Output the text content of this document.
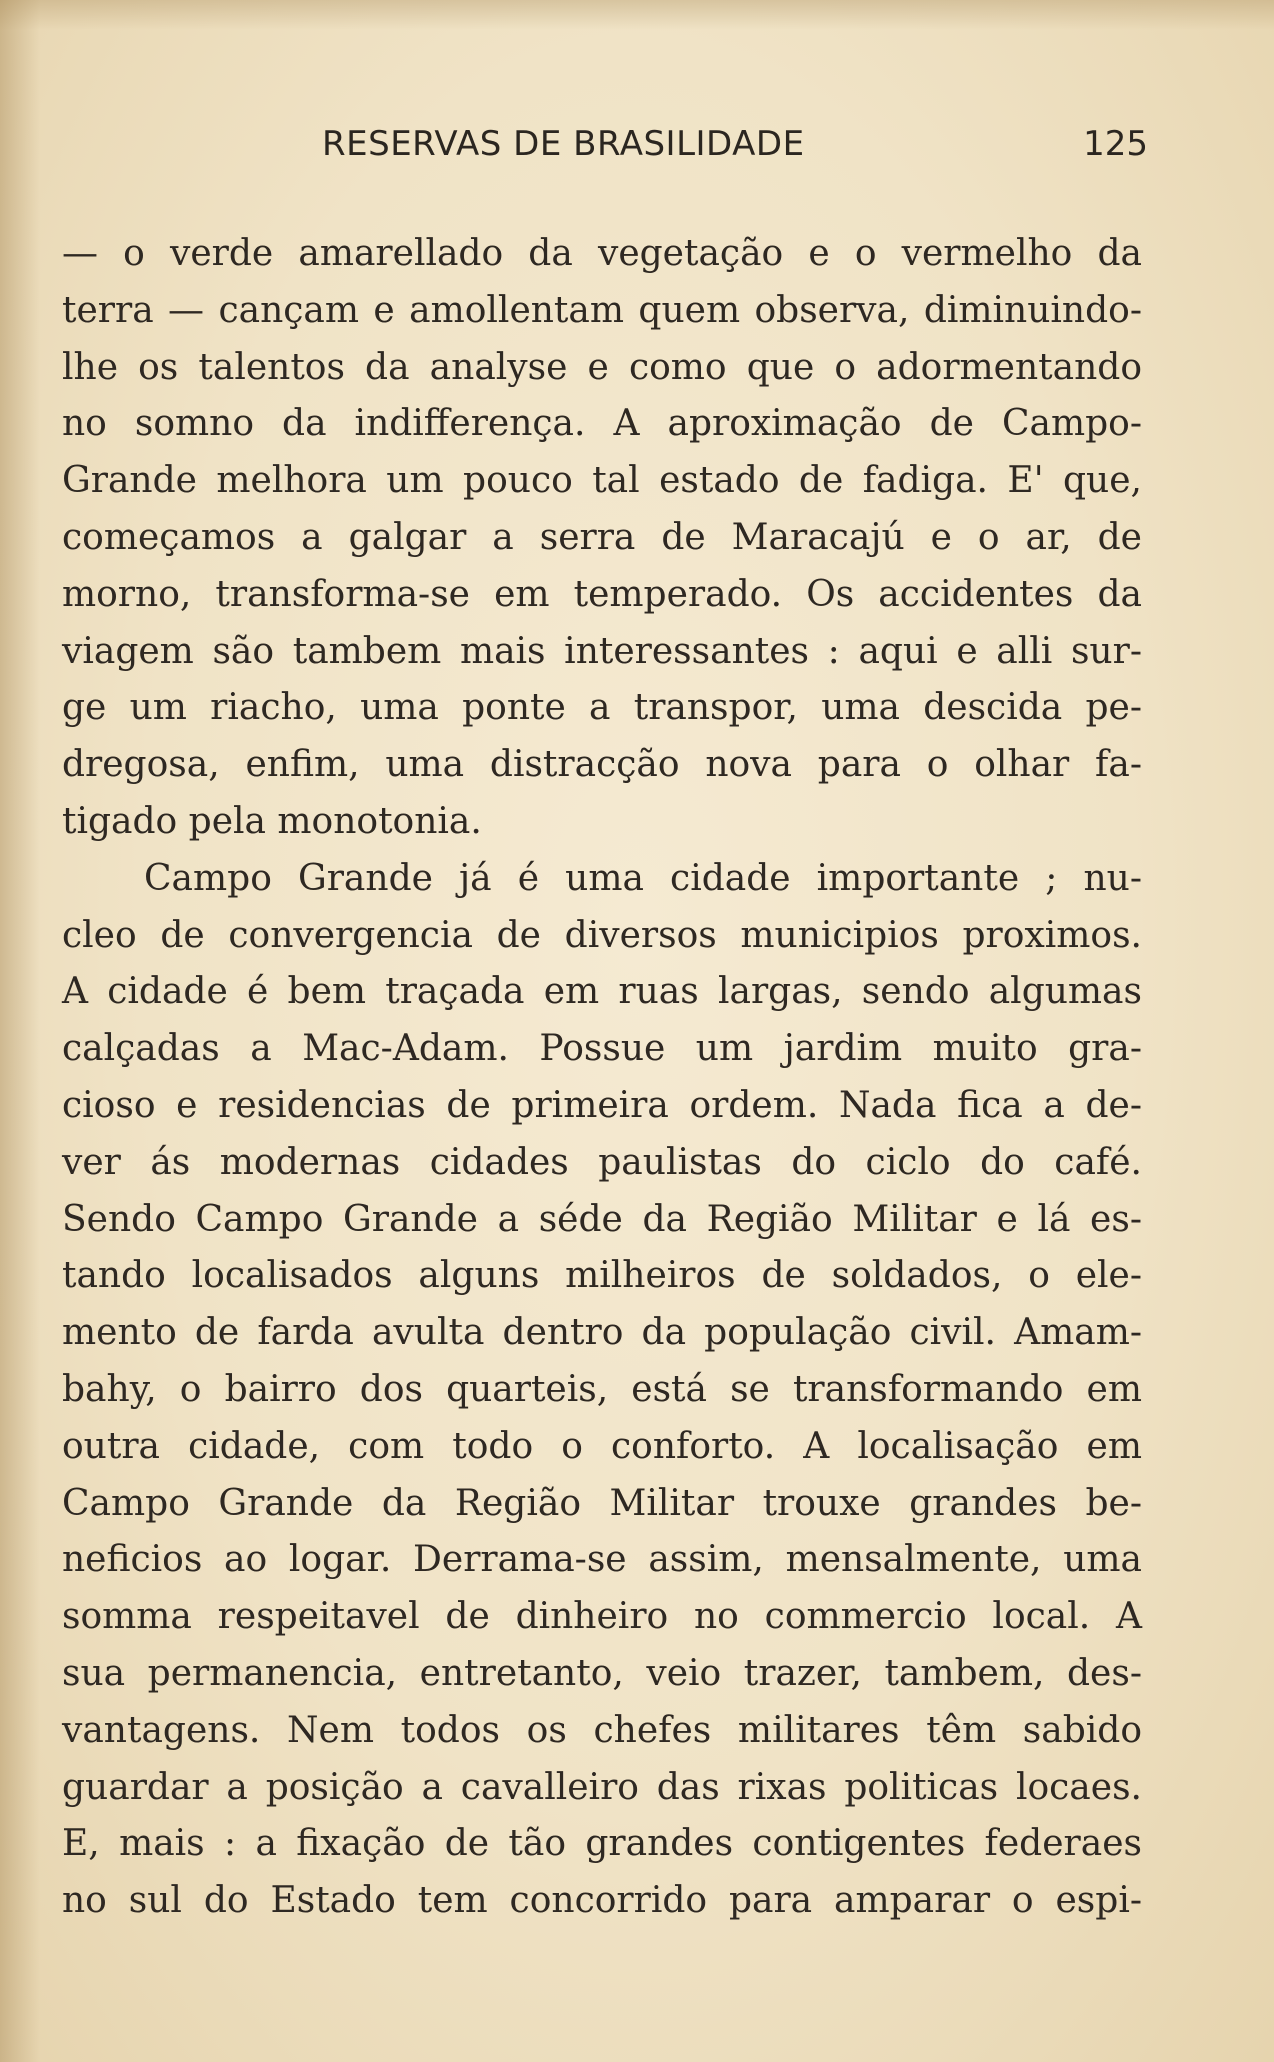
RESERVAS DE BRASILIDADE	125
— o verde amarellado da vegetação e o vermelho da
terra — cançam e amollentam quem observa, diminuindo-
lhe os talentos da analyse e como que o adormentando
no somno da indifferença. A aproximação de Campo-
Grande melhora um pouco tal estado de fadiga. E' que,
começamos a galgar a serra de Maracajú e o ar, de
morno, transforma-se em temperado. Os accidentes da
viagem são tambem mais interessantes : aqui e alli sur-
ge um riacho, uma ponte a transpor, uma descida pe-
dregosa, enfim, uma distracção nova para o olhar fa-
tigado pela monotonia.
Campo Grande já é uma cidade importante ; nu-
cleo de convergencia de diversos municipios proximos.
A cidade é bem traçada em ruas largas, sendo algumas
calçadas a Mac-Adam. Possue um jardim muito gra-
cioso e residencias de primeira ordem. Nada fica a de-
ver ás modernas cidades paulistas do ciclo do café.
Sendo Campo Grande a séde da Região Militar e lá es-
tando localisados alguns milheiros de soldados, o ele-
mento de farda avulta dentro da população civil. Amam-
bahy, o bairro dos quarteis, está se transformando em
outra cidade, com todo o conforto. A localisação em
Campo Grande da Região Militar trouxe grandes be-
neficios ao logar. Derrama-se assim, mensalmente, uma
somma respeitavel de dinheiro no commercio local. A
sua permanencia, entretanto, veio trazer, tambem, des-
vantagens. Nem todos os chefes militares têm sabido
guardar a posição a cavalleiro das rixas politicas locaes.
E, mais : a fixação de tão grandes contigentes federaes
no sul do Estado tem concorrido para amparar o espi-
